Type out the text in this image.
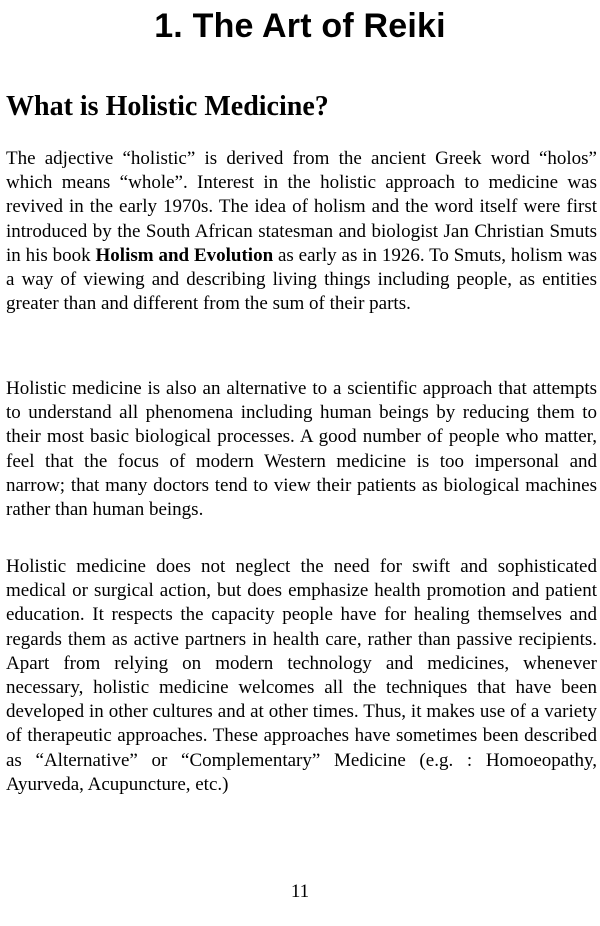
1. The Art of Reiki
What is Holistic Medicine?

The adjective “holistic” is derived from the ancient Greek word “holos” which means “whole”. Interest in the holistic approach to medicine was revived in the early 1970s. The idea of holism and the word itself were first introduced by the South African statesman and biologist Jan Christian Smuts in his book Holism and Evolution as early as in 1926. To Smuts, holism was a way of viewing and describing living things including people, as entities greater than and different from the sum of their parts.

Holistic medicine is also an alternative to a scientific approach that attempts to understand all phenomena including human beings by reducing them to their most basic biological processes. A good number of people who matter, feel that the focus of modern Western medicine is too impersonal and narrow; that many doctors tend to view their patients as biological machines rather than human beings.

Holistic medicine does not neglect the need for swift and sophisticated medical or surgical action, but does emphasize health promotion and patient education. It respects the capacity people have for healing themselves and regards them as active partners in health care, rather than passive recipients. Apart from relying on modern technology and medicines, whenever necessary, holistic medicine welcomes all the techniques that have been developed in other cultures and at other times. Thus, it makes use of a variety of therapeutic approaches. These approaches have sometimes been described as “Alternative” or “Complementary” Medicine (e.g. : Homoeopathy, Ayurveda, Acupuncture, etc.)

11
